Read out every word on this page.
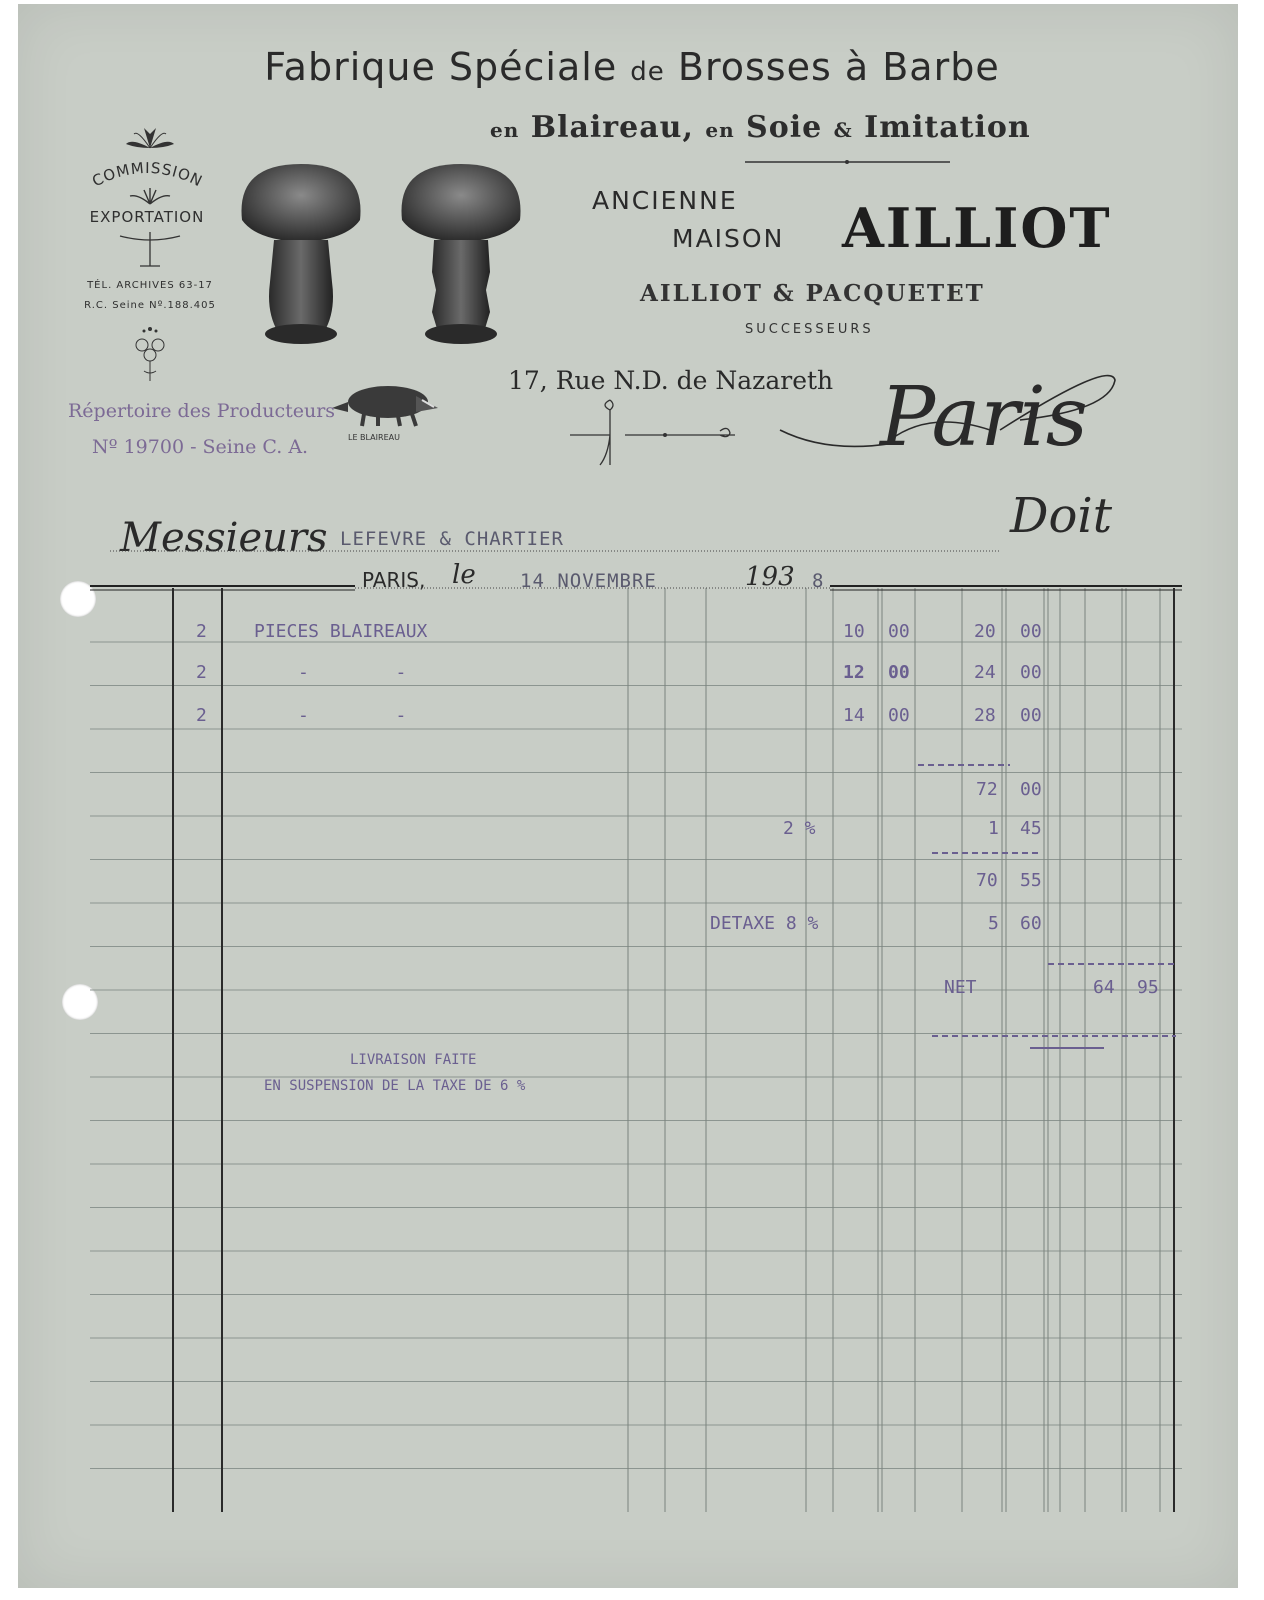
Fabrique Spéciale de Brosses à Barbe
en Blaireau, en Soie & Imitation
COMMISSION
EXPORTATION
TÉL. ARCHIVES 63-17
R.C. Seine Nº.188.405
ANCIENNE
MAISON AILLIOT
AILLIOT & PACQUETET
SUCCESSEURS
17, Rue N.D. de Nazareth Paris
LE BLAIREAU
Répertoire des Producteurs
Nº 19700 - Seine C. A.
Doit
Messieurs LEFEVRE & CHARTIER
PARIS, le 14 NOVEMBRE	193 8
2	PIECES BLAIREAUX	10 00	20 00
2	-        -	12 00	24 00
2	-        -	14 00	28 00
72 00
2 %	1 45
70 55
DETAXE 8 %	5 60
NET	64 95
LIVRAISON FAITE
EN SUSPENSION DE LA TAXE DE 6 %
